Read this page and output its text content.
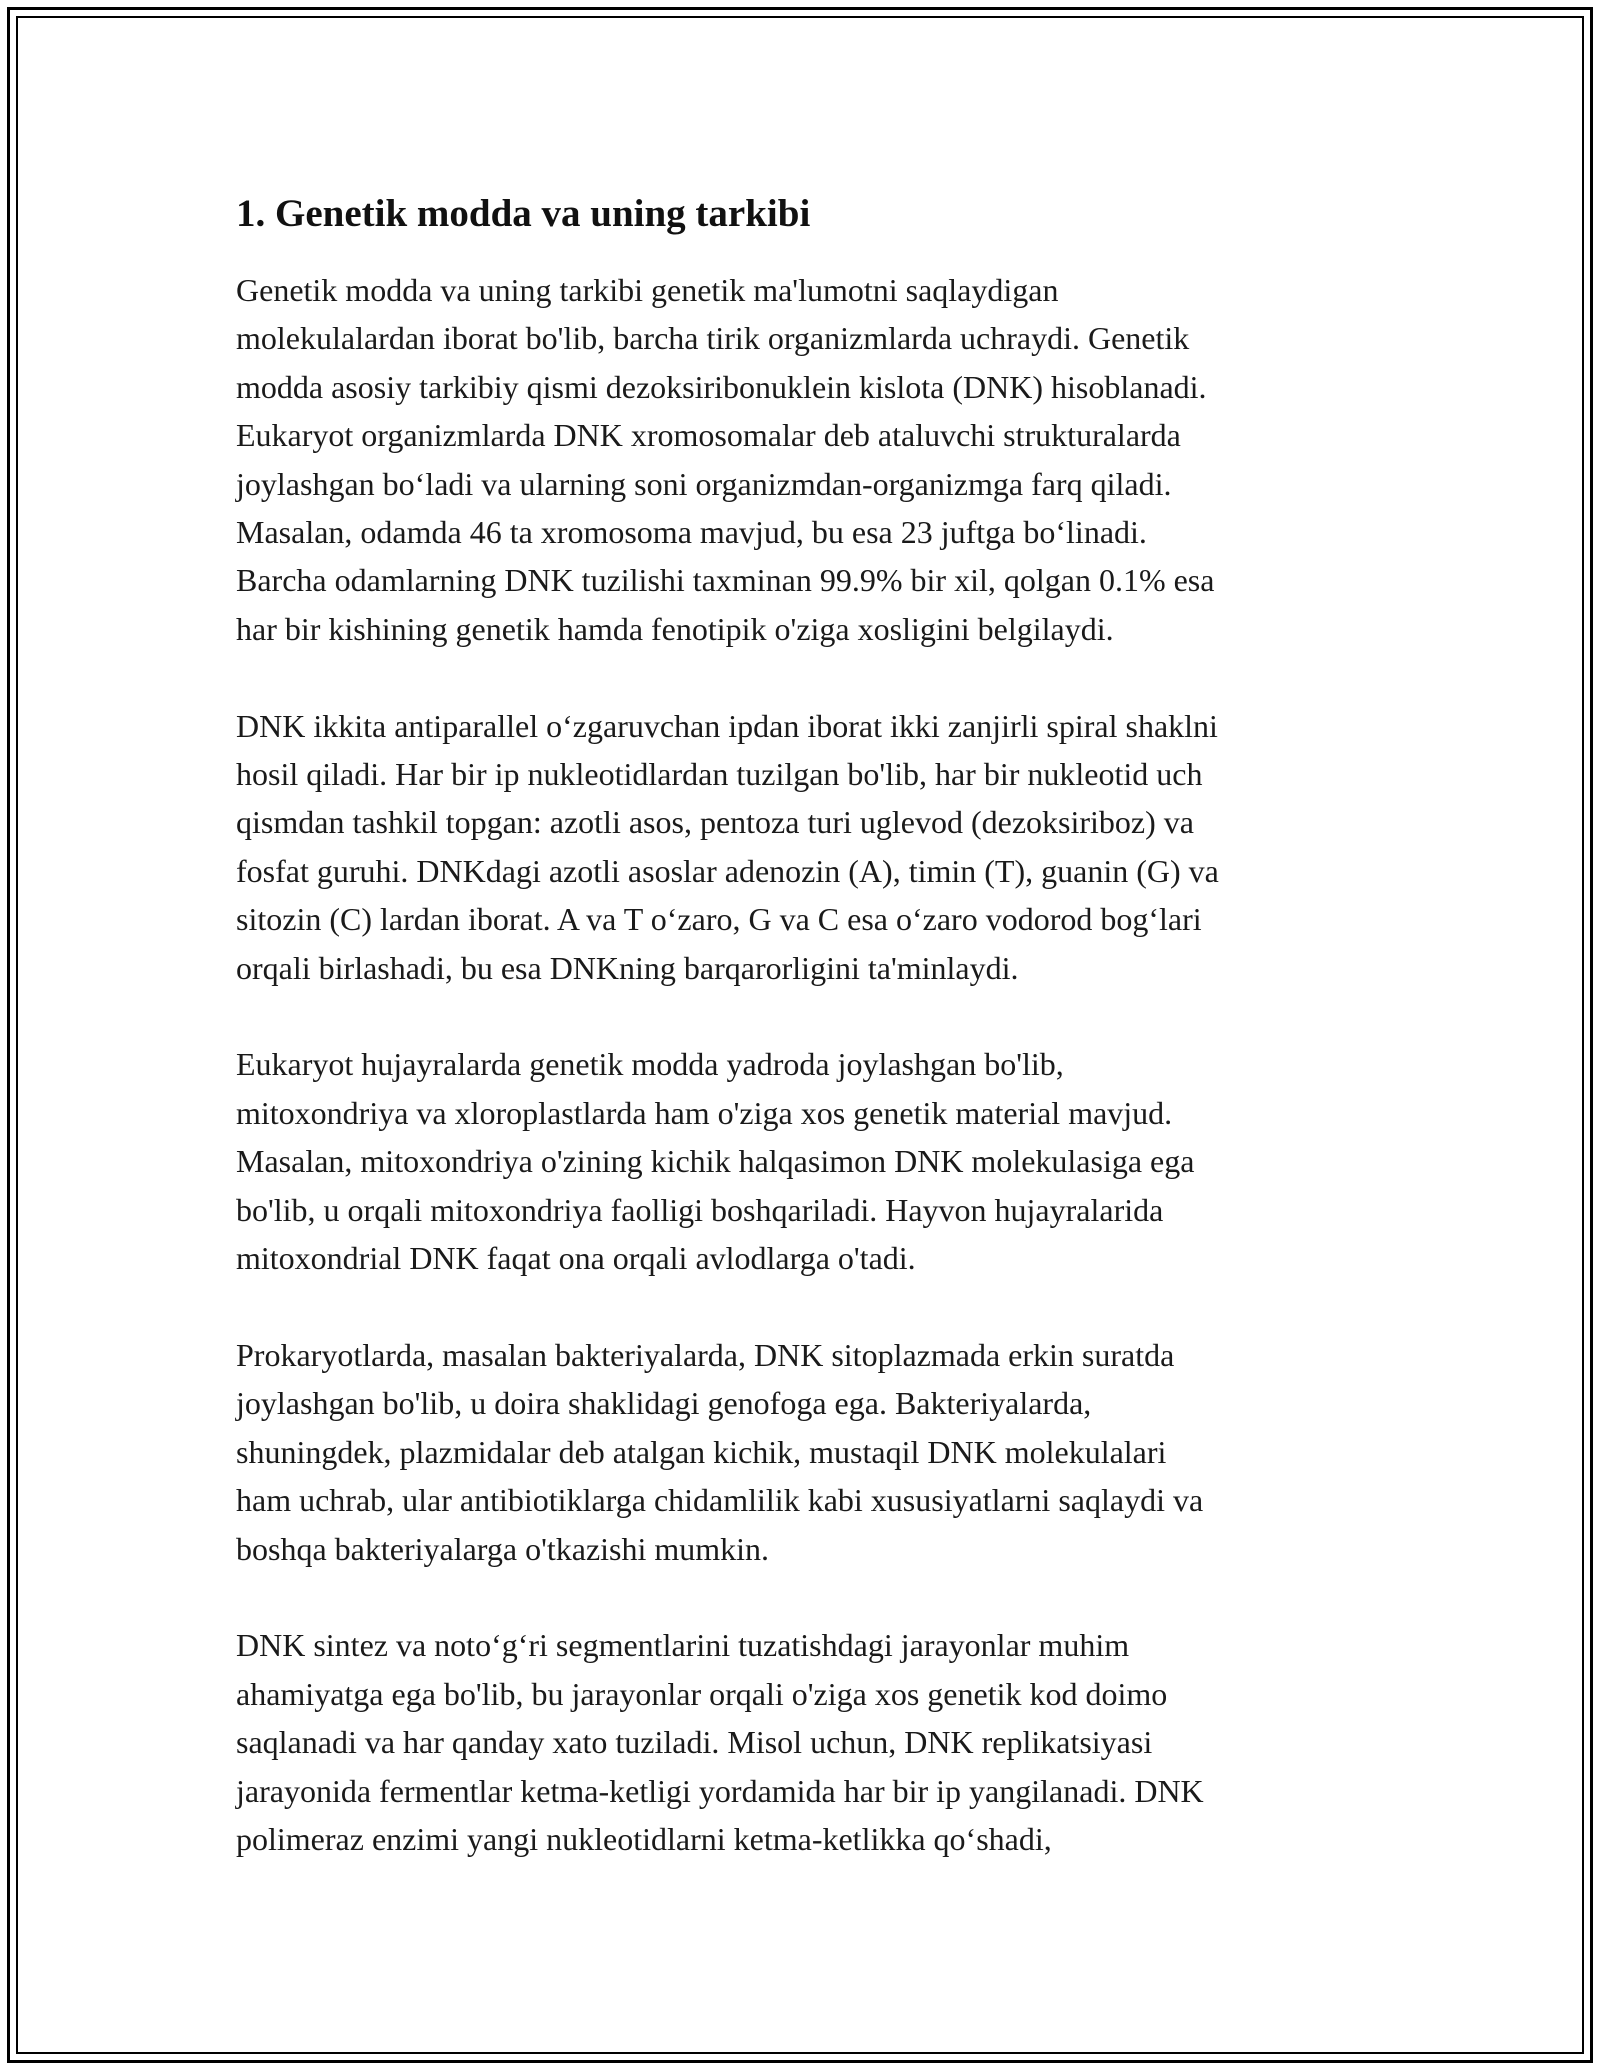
1. Genetik modda va uning tarkibi
Genetik modda va uning tarkibi genetik ma'lumotni saqlaydigan
molekulalardan iborat bo'lib, barcha tirik organizmlarda uchraydi. Genetik
modda asosiy tarkibiy qismi dezoksiribonuklein kislota (DNK) hisoblanadi.
Eukaryot organizmlarda DNK xromosomalar deb ataluvchi strukturalarda
joylashgan boʻladi va ularning soni organizmdan-organizmga farq qiladi.
Masalan, odamda 46 ta xromosoma mavjud, bu esa 23 juftga boʻlinadi.
Barcha odamlarning DNK tuzilishi taxminan 99.9% bir xil, qolgan 0.1% esa
har bir kishining genetik hamda fenotipik o'ziga xosligini belgilaydi.
DNK ikkita antiparallel oʻzgaruvchan ipdan iborat ikki zanjirli spiral shaklni
hosil qiladi. Har bir ip nukleotidlardan tuzilgan bo'lib, har bir nukleotid uch
qismdan tashkil topgan: azotli asos, pentoza turi uglevod (dezoksiriboz) va
fosfat guruhi. DNKdagi azotli asoslar adenozin (A), timin (T), guanin (G) va
sitozin (C) lardan iborat. A va T oʻzaro, G va C esa oʻzaro vodorod bogʻlari
orqali birlashadi, bu esa DNKning barqarorligini ta'minlaydi.
Eukaryot hujayralarda genetik modda yadroda joylashgan bo'lib,
mitoxondriya va xloroplastlarda ham o'ziga xos genetik material mavjud.
Masalan, mitoxondriya o'zining kichik halqasimon DNK molekulasiga ega
bo'lib, u orqali mitoxondriya faolligi boshqariladi. Hayvon hujayralarida
mitoxondrial DNK faqat ona orqali avlodlarga o'tadi.
Prokaryotlarda, masalan bakteriyalarda, DNK sitoplazmada erkin suratda
joylashgan bo'lib, u doira shaklidagi genofoga ega. Bakteriyalarda,
shuningdek, plazmidalar deb atalgan kichik, mustaqil DNK molekulalari
ham uchrab, ular antibiotiklarga chidamlilik kabi xususiyatlarni saqlaydi va
boshqa bakteriyalarga o'tkazishi mumkin.
DNK sintez va notoʻgʻri segmentlarini tuzatishdagi jarayonlar muhim
ahamiyatga ega bo'lib, bu jarayonlar orqali o'ziga xos genetik kod doimo
saqlanadi va har qanday xato tuziladi. Misol uchun, DNK replikatsiyasi
jarayonida fermentlar ketma-ketligi yordamida har bir ip yangilanadi. DNK
polimeraz enzimi yangi nukleotidlarni ketma-ketlikka qoʻshadi,
